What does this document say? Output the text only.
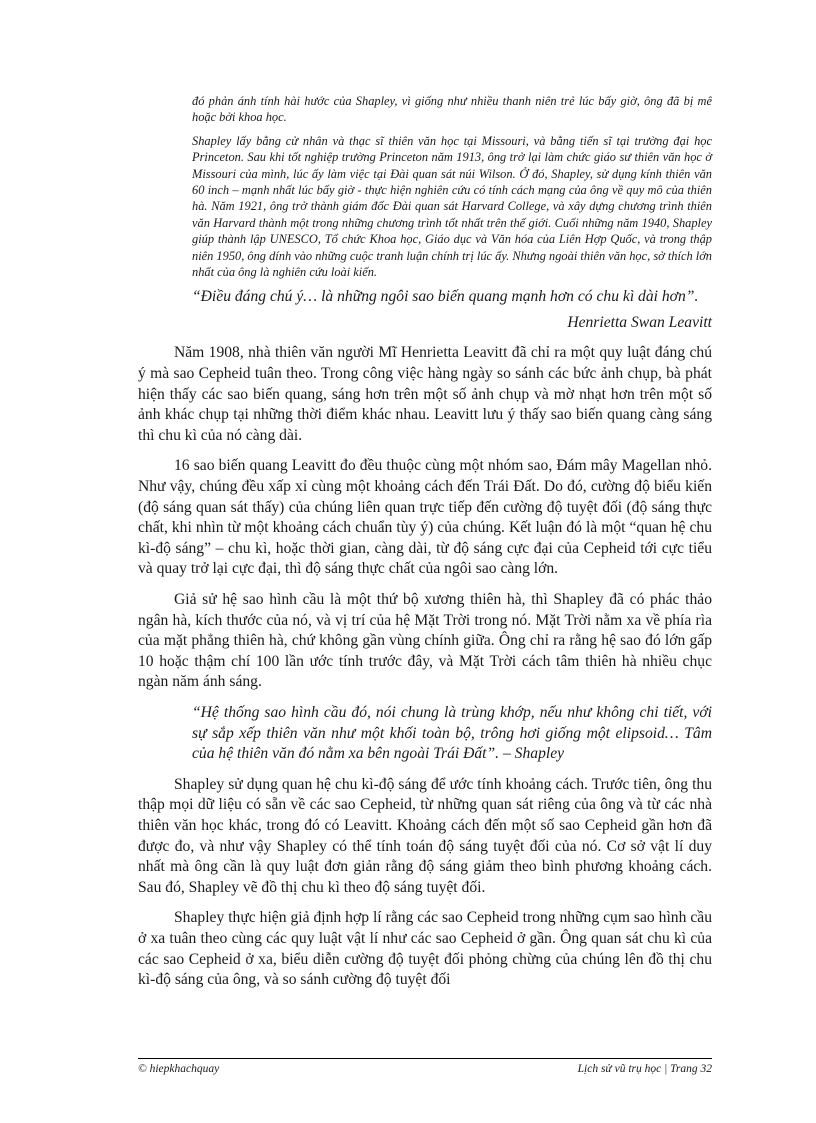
đó phản ánh tính hài hước của Shapley, vì giống như nhiều thanh niên trẻ lúc bấy giờ, ông đã bị mê hoặc bởi khoa học.

Shapley lấy bằng cử nhân và thạc sĩ thiên văn học tại Missouri, và bằng tiến sĩ tại trường đại học Princeton. Sau khi tốt nghiệp trường Princeton năm 1913, ông trở lại làm chức giáo sư thiên văn học ở Missouri của mình, lúc ấy làm việc tại Đài quan sát núi Wilson. Ở đó, Shapley, sử dụng kính thiên văn 60 inch – mạnh nhất lúc bấy giờ - thực hiện nghiên cứu có tính cách mạng của ông về quy mô của thiên hà. Năm 1921, ông trở thành giám đốc Đài quan sát Harvard College, và xây dựng chương trình thiên văn Harvard thành một trong những chương trình tốt nhất trên thế giới. Cuối những năm 1940, Shapley giúp thành lập UNESCO, Tổ chức Khoa học, Giáo dục và Văn hóa của Liên Hợp Quốc, và trong thập niên 1950, ông dính vào những cuộc tranh luận chính trị lúc ấy. Nhưng ngoài thiên văn học, sở thích lớn nhất của ông là nghiên cứu loài kiến.

“Điều đáng chú ý… là những ngôi sao biến quang mạnh hơn có chu kì dài hơn”.
Henrietta Swan Leavitt

Năm 1908, nhà thiên văn người Mĩ Henrietta Leavitt đã chỉ ra một quy luật đáng chú ý mà sao Cepheid tuân theo. Trong công việc hàng ngày so sánh các bức ảnh chụp, bà phát hiện thấy các sao biến quang, sáng hơn trên một số ảnh chụp và mờ nhạt hơn trên một số ảnh khác chụp tại những thời điểm khác nhau. Leavitt lưu ý thấy sao biến quang càng sáng thì chu kì của nó càng dài.

16 sao biến quang Leavitt đo đều thuộc cùng một nhóm sao, Đám mây Magellan nhỏ. Như vậy, chúng đều xấp xỉ cùng một khoảng cách đến Trái Đất. Do đó, cường độ biểu kiến (độ sáng quan sát thấy) của chúng liên quan trực tiếp đến cường độ tuyệt đối (độ sáng thực chất, khi nhìn từ một khoảng cách chuẩn tùy ý) của chúng. Kết luận đó là một “quan hệ chu kì-độ sáng” – chu kì, hoặc thời gian, càng dài, từ độ sáng cực đại của Cepheid tới cực tiểu và quay trở lại cực đại, thì độ sáng thực chất của ngôi sao càng lớn.

Giả sử hệ sao hình cầu là một thứ bộ xương thiên hà, thì Shapley đã có phác thảo ngân hà, kích thước của nó, và vị trí của hệ Mặt Trời trong nó. Mặt Trời nằm xa về phía rìa của mặt phẳng thiên hà, chứ không gần vùng chính giữa. Ông chỉ ra rằng hệ sao đó lớn gấp 10 hoặc thậm chí 100 lần ước tính trước đây, và Mặt Trời cách tâm thiên hà nhiều chục ngàn năm ánh sáng.

“Hệ thống sao hình cầu đó, nói chung là trùng khớp, nếu như không chi tiết, với sự sắp xếp thiên văn như một khối toàn bộ, trông hơi giống một elipsoid… Tâm của hệ thiên văn đó nằm xa bên ngoài Trái Đất”. – Shapley

Shapley sử dụng quan hệ chu kì-độ sáng để ước tính khoảng cách. Trước tiên, ông thu thập mọi dữ liệu có sẵn về các sao Cepheid, từ những quan sát riêng của ông và từ các nhà thiên văn học khác, trong đó có Leavitt. Khoảng cách đến một số sao Cepheid gần hơn đã được đo, và như vậy Shapley có thể tính toán độ sáng tuyệt đối của nó. Cơ sở vật lí duy nhất mà ông cần là quy luật đơn giản rằng độ sáng giảm theo bình phương khoảng cách. Sau đó, Shapley vẽ đồ thị chu kì theo độ sáng tuyệt đối.

Shapley thực hiện giả định hợp lí rằng các sao Cepheid trong những cụm sao hình cầu ở xa tuân theo cùng các quy luật vật lí như các sao Cepheid ở gần. Ông quan sát chu kì của các sao Cepheid ở xa, biểu diễn cường độ tuyệt đối phỏng chừng của chúng lên đồ thị chu kì-độ sáng của ông, và so sánh cường độ tuyệt đối

© hiepkhachquay	Lịch sử vũ trụ học | Trang 32
